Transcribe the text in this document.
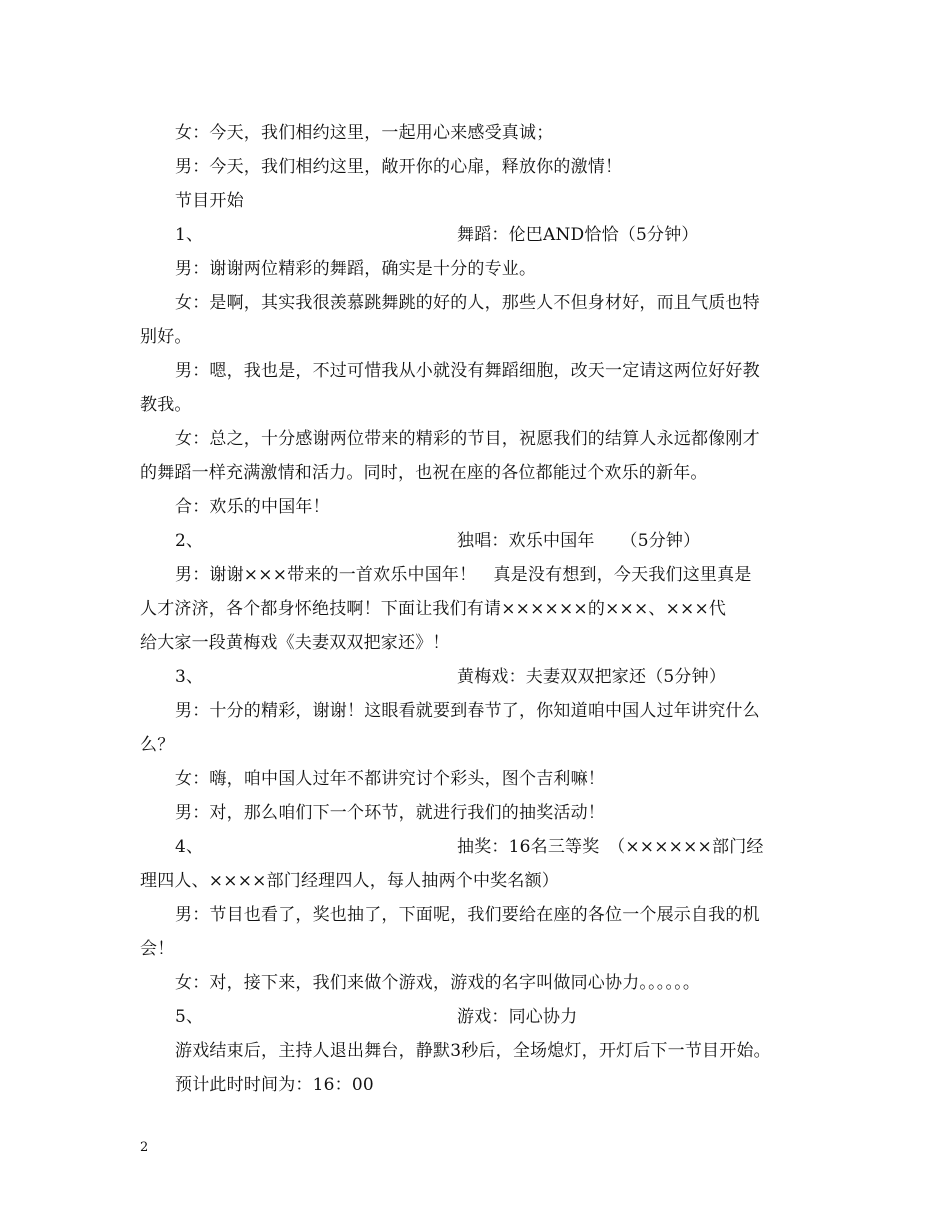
女：今天，我们相约这里，一起用心来感受真诚；
男：今天，我们相约这里，敞开你的心扉，释放你的激情！
节目开始
1、	舞蹈：伦巴AND恰恰（5分钟）
男：谢谢两位精彩的舞蹈，确实是十分的专业。
女：是啊，其实我很羡慕跳舞跳的好的人，那些人不但身材好，而且气质也特
别好。
男：嗯，我也是，不过可惜我从小就没有舞蹈细胞，改天一定请这两位好好教
教我。
女：总之，十分感谢两位带来的精彩的节目，祝愿我们的结算人永远都像刚才
的舞蹈一样充满激情和活力。同时，也祝在座的各位都能过个欢乐的新年。
合：欢乐的中国年！
2、	独唱：欢乐中国年　　（5分钟）
男：谢谢×××带来的一首欢乐中国年！　真是没有想到，今天我们这里真是
人才济济，各个都身怀绝技啊！下面让我们有请××××××的×××、×××代
给大家一段黄梅戏《夫妻双双把家还》！
3、	黄梅戏：夫妻双双把家还（5分钟）
男：十分的精彩，谢谢！这眼看就要到春节了，你知道咱中国人过年讲究什么
么？
女：嗨，咱中国人过年不都讲究讨个彩头，图个吉利嘛！
男：对，那么咱们下一个环节，就进行我们的抽奖活动！
4、	抽奖：16名三等奖　（××××××部门经
理四人、××××部门经理四人，每人抽两个中奖名额）
男：节目也看了，奖也抽了，下面呢，我们要给在座的各位一个展示自我的机
会！
女：对，接下来，我们来做个游戏，游戏的名字叫做同心协力。。。。。。
5、	游戏：同心协力
游戏结束后，主持人退出舞台，静默3秒后，全场熄灯，开灯后下一节目开始。
预计此时时间为：16：00
2
